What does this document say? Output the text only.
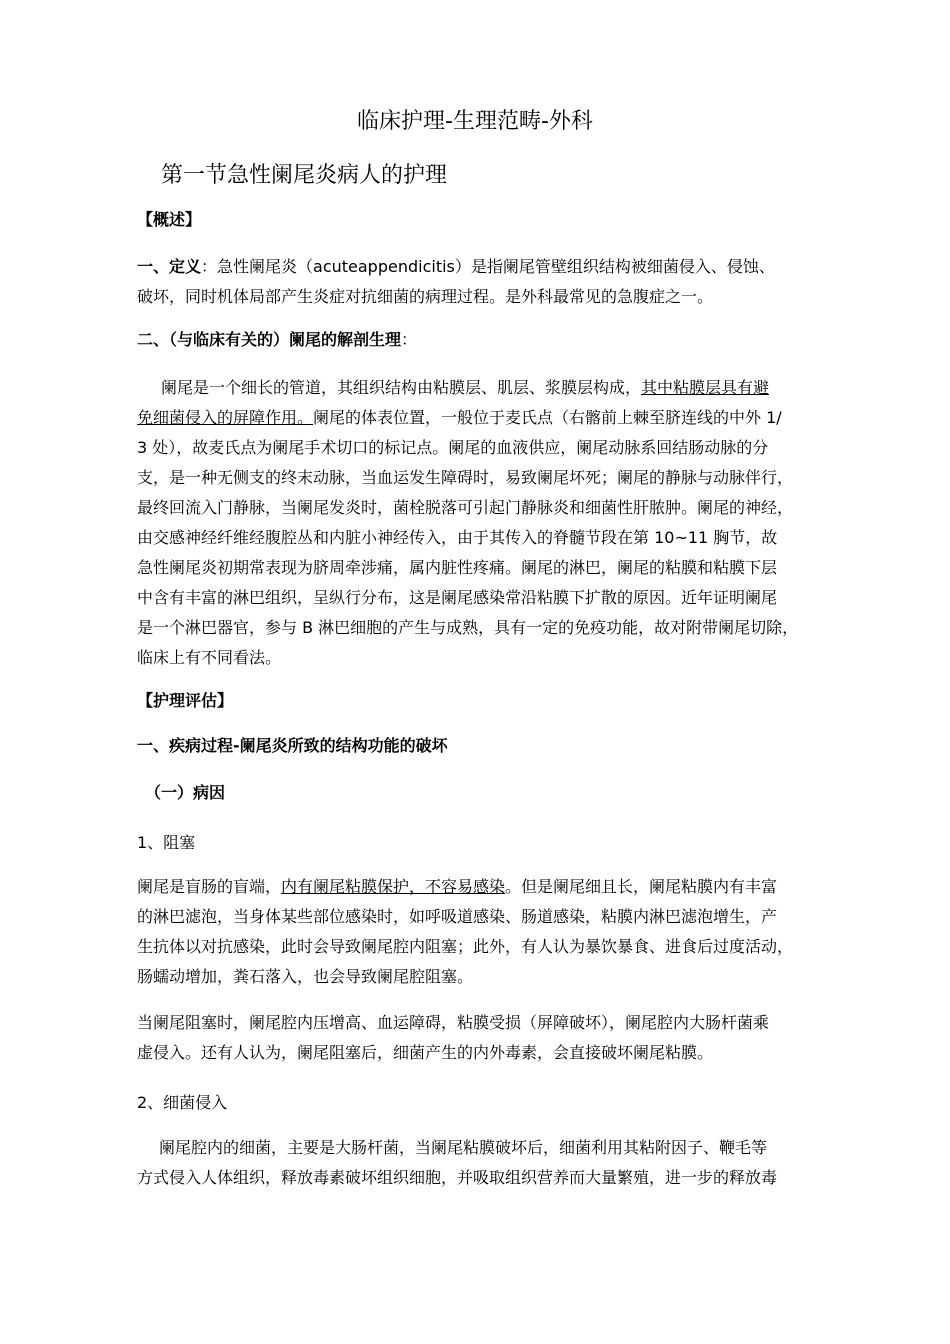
临床护理-生理范畴-外科
第一节急性阑尾炎病人的护理
【概述】
一、定义：急性阑尾炎（acuteappendicitis）是指阑尾管壁组织结构被细菌侵入、侵蚀、
破坏，同时机体局部产生炎症对抗细菌的病理过程。是外科最常见的急腹症之一。
二、（与临床有关的）阑尾的解剖生理：
阑尾是一个细长的管道，其组织结构由粘膜层、肌层、浆膜层构成，其中粘膜层具有避
免细菌侵入的屏障作用。阑尾的体表位置，一般位于麦氏点（右髂前上棘至脐连线的中外 1/
3 处），故麦氏点为阑尾手术切口的标记点。阑尾的血液供应，阑尾动脉系回结肠动脉的分
支，是一种无侧支的终末动脉，当血运发生障碍时，易致阑尾坏死；阑尾的静脉与动脉伴行，
最终回流入门静脉，当阑尾发炎时，菌栓脱落可引起门静脉炎和细菌性肝脓肿。阑尾的神经，
由交感神经纤维经腹腔丛和内脏小神经传入，由于其传入的脊髓节段在第 10~11 胸节，故
急性阑尾炎初期常表现为脐周牵涉痛，属内脏性疼痛。阑尾的淋巴，阑尾的粘膜和粘膜下层
中含有丰富的淋巴组织，呈纵行分布，这是阑尾感染常沿粘膜下扩散的原因。近年证明阑尾
是一个淋巴器官，参与 B 淋巴细胞的产生与成熟，具有一定的免疫功能，故对附带阑尾切除，
临床上有不同看法。
【护理评估】
一、疾病过程-阑尾炎所致的结构功能的破坏
（一）病因
1、阻塞
阑尾是盲肠的盲端，内有阑尾粘膜保护，不容易感染。但是阑尾细且长，阑尾粘膜内有丰富
的淋巴滤泡，当身体某些部位感染时，如呼吸道感染、肠道感染，粘膜内淋巴滤泡增生，产
生抗体以对抗感染，此时会导致阑尾腔内阻塞；此外，有人认为暴饮暴食、进食后过度活动，
肠蠕动增加，粪石落入，也会导致阑尾腔阻塞。
当阑尾阻塞时，阑尾腔内压增高、血运障碍，粘膜受损（屏障破坏），阑尾腔内大肠杆菌乘
虚侵入。还有人认为，阑尾阻塞后，细菌产生的内外毒素，会直接破坏阑尾粘膜。
2、细菌侵入
阑尾腔内的细菌，主要是大肠杆菌，当阑尾粘膜破坏后，细菌利用其粘附因子、鞭毛等
方式侵入人体组织，释放毒素破坏组织细胞，并吸取组织营养而大量繁殖，进一步的释放毒
